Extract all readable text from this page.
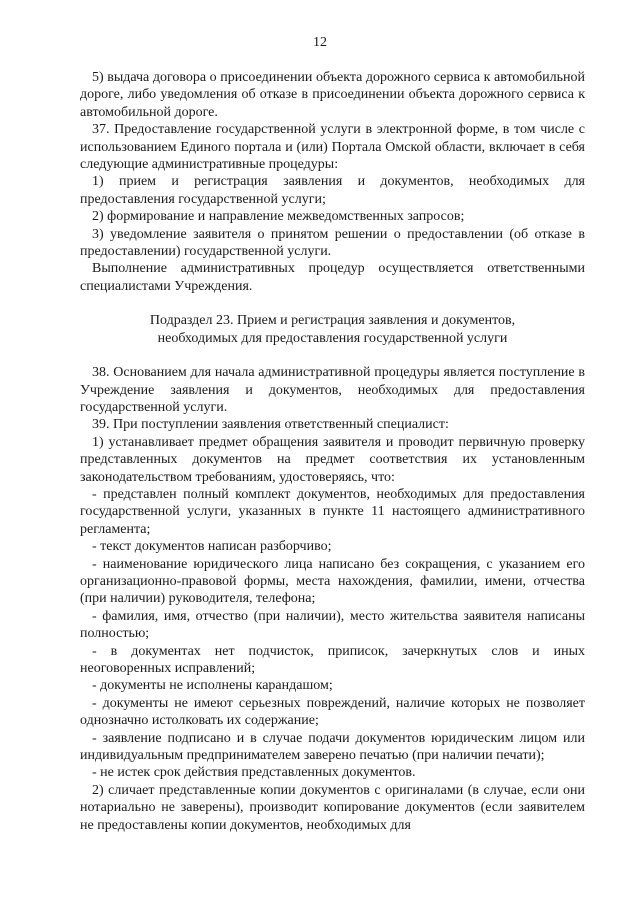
12

5) выдача договора о присоединении объекта дорожного сервиса к автомобильной дороге, либо уведомления об отказе в присоединении объекта дорожного сервиса к автомобильной дороге.

37. Предоставление государственной услуги в электронной форме, в том числе с использованием Единого портала и (или) Портала Омской области, включает в себя следующие административные процедуры:

1) прием и регистрация заявления и документов, необходимых для предоставления государственной услуги;

2) формирование и направление межведомственных запросов;

3) уведомление заявителя о принятом решении о предоставлении (об отказе в предоставлении) государственной услуги.

Выполнение административных процедур осуществляется ответственными специалистами Учреждения.

Подраздел 23. Прием и регистрация заявления и документов,
необходимых для предоставления государственной услуги

38. Основанием для начала административной процедуры является поступление в Учреждение заявления и документов, необходимых для предоставления государственной услуги.

39. При поступлении заявления ответственный специалист:

1) устанавливает предмет обращения заявителя и проводит первичную проверку представленных документов на предмет соответствия их установленным законодательством требованиям, удостоверяясь, что:

- представлен полный комплект документов, необходимых для предоставления государственной услуги, указанных в пункте 11 настоящего административного регламента;

- текст документов написан разборчиво;

- наименование юридического лица написано без сокращения, с указанием его организационно-правовой формы, места нахождения, фамилии, имени, отчества (при наличии) руководителя, телефона;

- фамилия, имя, отчество (при наличии), место жительства заявителя написаны полностью;

- в документах нет подчисток, приписок, зачеркнутых слов и иных неоговоренных исправлений;

- документы не исполнены карандашом;

- документы не имеют серьезных повреждений, наличие которых не позволяет однозначно истолковать их содержание;

- заявление подписано и в случае подачи документов юридическим лицом или индивидуальным предпринимателем заверено печатью (при наличии печати);

- не истек срок действия представленных документов.

2) сличает представленные копии документов с оригиналами (в случае, если они нотариально не заверены), производит копирование документов (если заявителем не предоставлены копии документов, необходимых для
